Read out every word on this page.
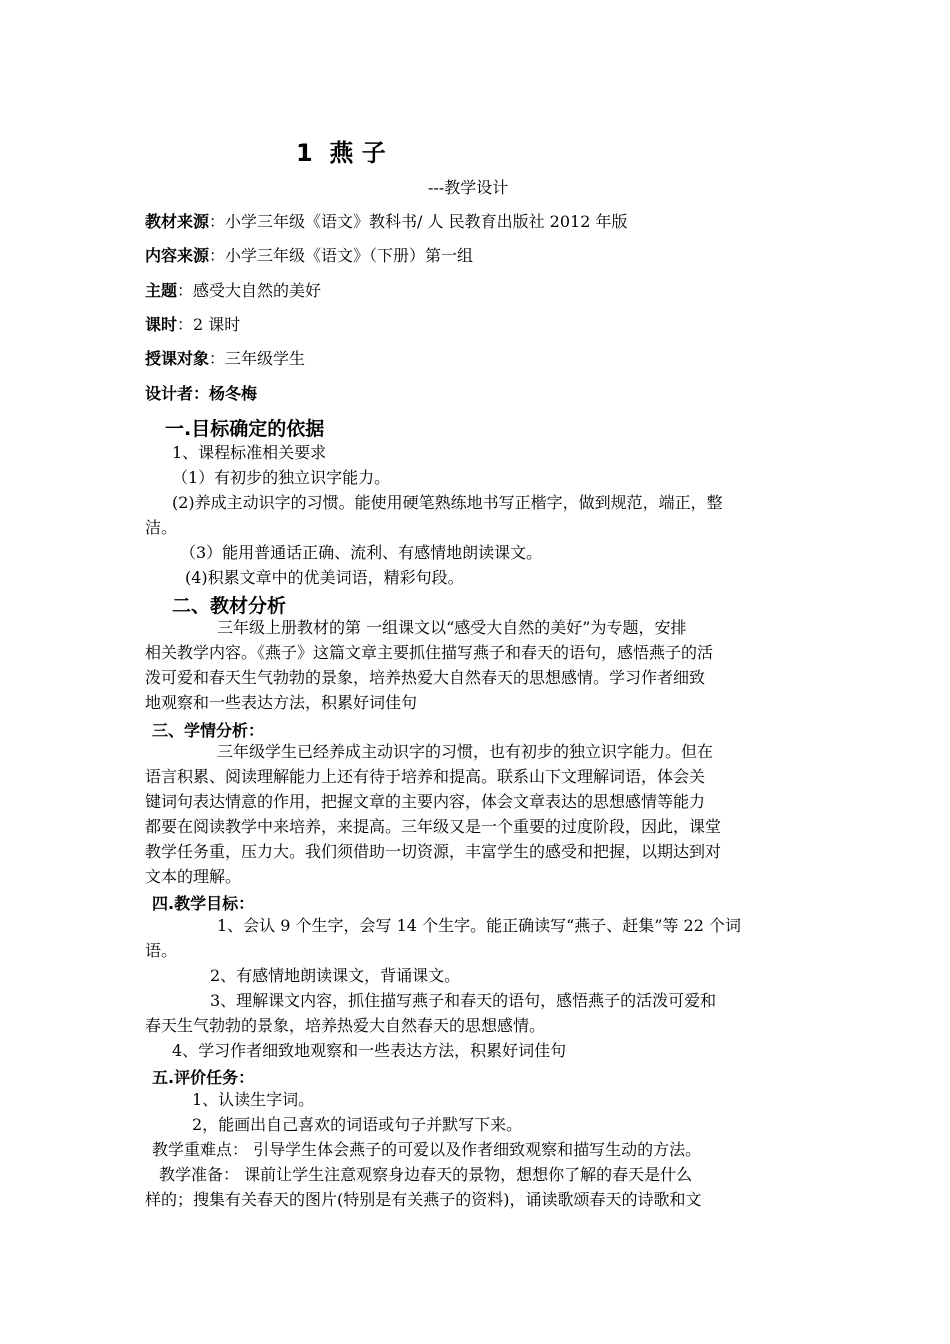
1  燕 子
---教学设计
教材来源：小学三年级《语文》教科书/ 人 民教育出版社 2012 年版
内容来源：小学三年级《语文》（下册）第一组
主题：感受大自然的美好
课时：2 课时
授课对象：三年级学生
设计者：杨冬梅
一.目标确定的依据
1、课程标准相关要求
（1）有初步的独立识字能力。
(2)养成主动识字的习惯。能使用硬笔熟练地书写正楷字，做到规范，端正，整
洁。
（3）能用普通话正确、流利、有感情地朗读课文。
(4)积累文章中的优美词语，精彩句段。
二、教材分析
三年级上册教材的第 一组课文以“感受大自然的美好”为专题，安排
相关教学内容。《燕子》这篇文章主要抓住描写燕子和春天的语句，感悟燕子的活
泼可爱和春天生气勃勃的景象，培养热爱大自然春天的思想感情。学习作者细致
地观察和一些表达方法，积累好词佳句
三、学情分析：
三年级学生已经养成主动识字的习惯，也有初步的独立识字能力。但在
语言积累、阅读理解能力上还有待于培养和提高。联系山下文理解词语，体会关
键词句表达情意的作用，把握文章的主要内容，体会文章表达的思想感情等能力
都要在阅读教学中来培养，来提高。三年级又是一个重要的过度阶段，因此，课堂
教学任务重，压力大。我们须借助一切资源，丰富学生的感受和把握，以期达到对
文本的理解。
四.教学目标：
1、会认 9 个生字，会写 14 个生字。能正确读写“燕子、赶集”等 22 个词
语。
2、有感情地朗读课文，背诵课文。
3、理解课文内容，抓住描写燕子和春天的语句，感悟燕子的活泼可爱和
春天生气勃勃的景象，培养热爱大自然春天的思想感情。
4、学习作者细致地观察和一些表达方法，积累好词佳句
五.评价任务：
1、认读生字词。
2，能画出自己喜欢的词语或句子并默写下来。
教学重难点： 引导学生体会燕子的可爱以及作者细致观察和描写生动的方法。
教学准备： 课前让学生注意观察身边春天的景物，想想你了解的春天是什么
样的；搜集有关春天的图片(特别是有关燕子的资料)，诵读歌颂春天的诗歌和文
